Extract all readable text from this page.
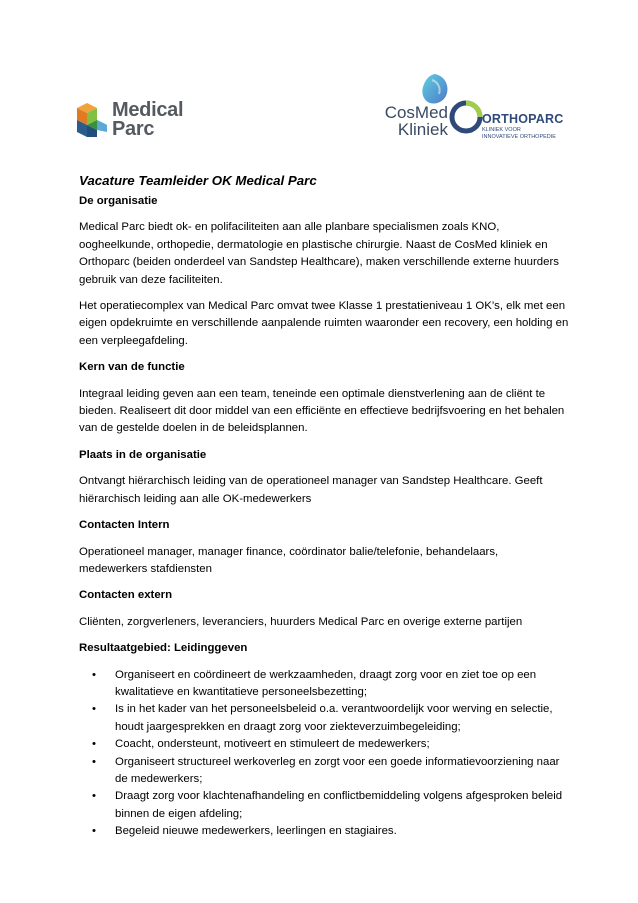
Medical
Parc
CosMed
Kliniek
ORTHOPARC
KLINIEK VOOR
INNOVATIEVE ORTHOPEDIE
Vacature Teamleider OK Medical Parc
De organisatie
Medical Parc biedt ok- en polifaciliteiten aan alle planbare specialismen zoals KNO, oogheelkunde, orthopedie, dermatologie en plastische chirurgie. Naast de CosMed kliniek en Orthoparc (beiden onderdeel van Sandstep Healthcare), maken verschillende externe huurders gebruik van deze faciliteiten.
Het operatiecomplex van Medical Parc omvat twee Klasse 1 prestatieniveau 1 OK’s, elk met een eigen opdekruimte en verschillende aanpalende ruimten waaronder een recovery, een holding en een verpleegafdeling.
Kern van de functie
Integraal leiding geven aan een team, teneinde een optimale dienstverlening aan de cliënt te bieden. Realiseert dit door middel van een efficiënte en effectieve bedrijfsvoering en het behalen van de gestelde doelen in de beleidsplannen.
Plaats in de organisatie
Ontvangt hiërarchisch leiding van de operationeel manager van Sandstep Healthcare. Geeft hiërarchisch leiding aan alle OK-medewerkers
Contacten Intern
Operationeel manager, manager finance, coördinator balie/telefonie, behandelaars, medewerkers stafdiensten
Contacten extern
Cliënten, zorgverleners, leveranciers, huurders Medical Parc en overige externe partijen
Resultaatgebied: Leidinggeven
• Organiseert en coördineert de werkzaamheden, draagt zorg voor en ziet toe op een kwalitatieve en kwantitatieve personeelsbezetting;
• Is in het kader van het personeelsbeleid o.a. verantwoordelijk voor werving en selectie, houdt jaargesprekken en draagt zorg voor ziekteverzuimbegeleiding;
• Coacht, ondersteunt, motiveert en stimuleert de medewerkers;
• Organiseert structureel werkoverleg en zorgt voor een goede informatievoorziening naar de medewerkers;
• Draagt zorg voor klachtenafhandeling en conflictbemiddeling volgens afgesproken beleid binnen de eigen afdeling;
• Begeleid nieuwe medewerkers, leerlingen en stagiaires.
